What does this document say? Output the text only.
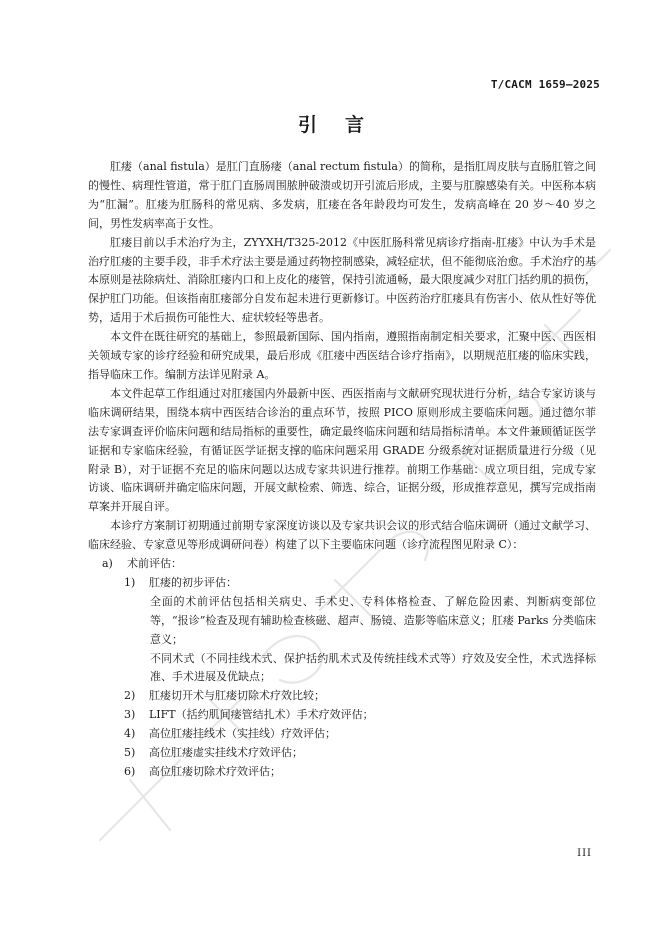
T/CACM 1659—2025
引言

肛瘘（anal fistula）是肛门直肠瘘（anal rectum fistula）的简称，是指肛周皮肤与直肠肛管之间的慢性、病理性管道，常于肛门直肠周围脓肿破溃或切开引流后形成，主要与肛腺感染有关。中医称本病为“肛漏”。肛瘘为肛肠科的常见病、多发病，肛瘘在各年龄段均可发生，发病高峰在 20 岁～40 岁之间，男性发病率高于女性。

肛瘘目前以手术治疗为主，ZYYXH/T325-2012《中医肛肠科常见病诊疗指南-肛瘘》中认为手术是治疗肛瘘的主要手段，非手术疗法主要是通过药物控制感染，减轻症状，但不能彻底治愈。手术治疗的基本原则是祛除病灶、消除肛瘘内口和上皮化的瘘管，保持引流通畅，最大限度减少对肛门括约肌的损伤，保护肛门功能。但该指南肛瘘部分自发布起未进行更新修订。中医药治疗肛瘘具有伤害小、依从性好等优势，适用于术后损伤可能性大、症状较轻等患者。

本文件在既往研究的基础上，参照最新国际、国内指南，遵照指南制定相关要求，汇聚中医、西医相关领域专家的诊疗经验和研究成果，最后形成《肛瘘中西医结合诊疗指南》，以期规范肛瘘的临床实践，指导临床工作。编制方法详见附录 A。

本文件起草工作组通过对肛瘘国内外最新中医、西医指南与文献研究现状进行分析，结合专家访谈与临床调研结果，围绕本病中西医结合诊治的重点环节，按照 PICO 原则形成主要临床问题。通过德尔菲法专家调查评价临床问题和结局指标的重要性，确定最终临床问题和结局指标清单。本文件兼顾循证医学证据和专家临床经验，有循证医学证据支撑的临床问题采用 GRADE 分级系统对证据质量进行分级（见附录 B），对于证据不充足的临床问题以达成专家共识进行推荐。前期工作基础：成立项目组，完成专家访谈、临床调研并确定临床问题，开展文献检索、筛选、综合，证据分级，形成推荐意见，撰写完成指南草案并开展自评。

本诊疗方案制订初期通过前期专家深度访谈以及专家共识会议的形式结合临床调研（通过文献学习、临床经验、专家意见等形成调研问卷）构建了以下主要临床问题（诊疗流程图见附录 C）：

a) 术前评估：

1) 肛瘘的初步评估：

全面的术前评估包括相关病史、手术史、专科体格检查、了解危险因素、判断病变部位等，“报诊”检查及现有辅助检查核磁、超声、肠镜、造影等临床意义；肛瘘 Parks 分类临床意义；

不同术式（不同挂线术式、保护括约肌术式及传统挂线术式等）疗效及安全性，术式选择标准、手术进展及优缺点；

2) 肛瘘切开术与肛瘘切除术疗效比较；

3) LIFT（括约肌间瘘管结扎术）手术疗效评估；

4) 高位肛瘘挂线术（实挂线）疗效评估；

5) 高位肛瘘虚实挂线术疗效评估；

6) 高位肛瘘切除术疗效评估；

III
